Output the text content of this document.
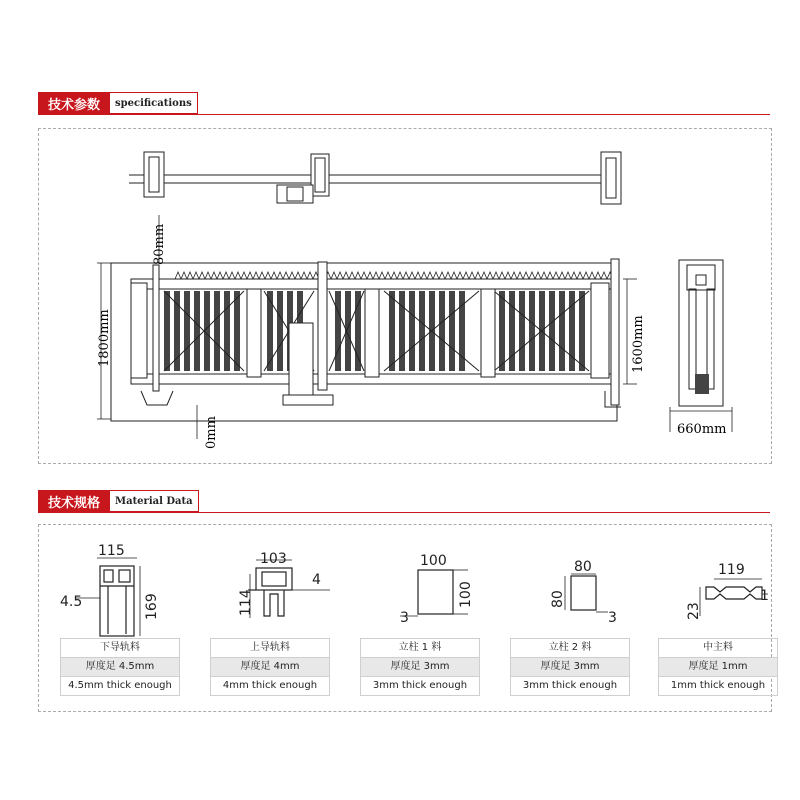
技术参数	specifications
80mm
1800mm	1600mm
0mm	660mm
技术规格	Material Data
115
169
4.5
103
114
4
100
100
3
80
80
3
119
23
1
下导轨料
厚度足 4.5mm
4.5mm thick enough
上导轨料
厚度足 4mm
4mm thick enough
立柱 1 料
厚度足 3mm
3mm thick enough
立柱 2 料
厚度足 3mm
3mm thick enough
中主料
厚度足 1mm
1mm thick enough
